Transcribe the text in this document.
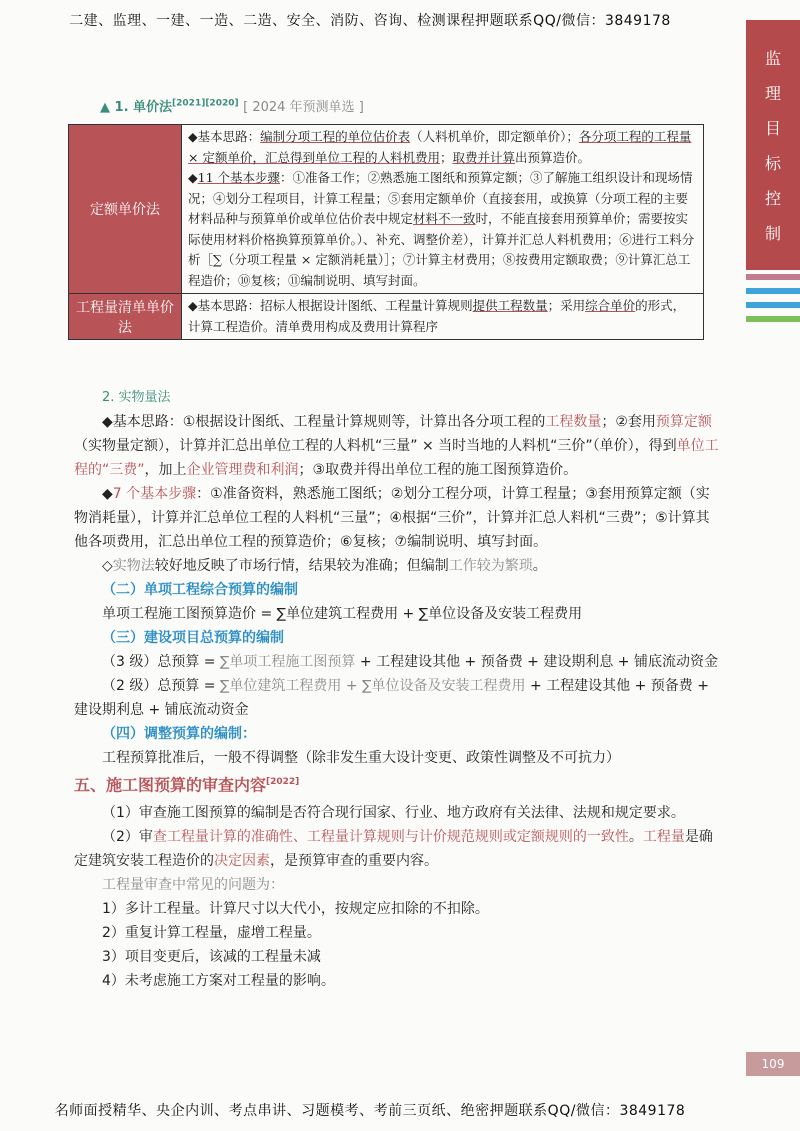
二建、监理、一建、一造、二造、安全、消防、咨询、检测课程押题联系QQ/微信：3849178
监
理
目
标
控
制
▲ 1. 单价法[2021][2020] [ 2024 年预测单选 ]
定额单价法	◆基本思路：编制分项工程的单位估价表（人料机单价，即定额单价）；各分项工程的工程量 × 定额单价，汇总得到单位工程的人料机费用；取费并计算出预算造价。
◆11 个基本步骤：①准备工作；②熟悉施工图纸和预算定额；③了解施工组织设计和现场情况；④划分工程项目，计算工程量；⑤套用定额单价（直接套用，或换算（分项工程的主要材料品种与预算单价或单位估价表中规定材料不一致时，不能直接套用预算单价；需要按实际使用材料价格换算预算单价。）、补充、调整价差），计算并汇总人料机费用；⑥进行工料分析［∑（分项工程量 × 定额消耗量）］；⑦计算主材费用；⑧按费用定额取费；⑨计算汇总工程造价；⑩复核；⑪编制说明、填写封面。
工程量清单单价法	◆基本思路：招标人根据设计图纸、工程量计算规则提供工程数量；采用综合单价的形式，计算工程造价。清单费用构成及费用计算程序

2. 实物量法

◆基本思路：①根据设计图纸、工程量计算规则等，计算出各分项工程的工程数量；②套用预算定额（实物量定额），计算并汇总出单位工程的人料机“三量” × 当时当地的人料机“三价”（单价），得到单位工程的“三费”，加上企业管理费和利润；③取费并得出单位工程的施工图预算造价。

◆7 个基本步骤：①准备资料，熟悉施工图纸；②划分工程分项，计算工程量；③套用预算定额（实物消耗量），计算并汇总单位工程的人料机“三量”；④根据“三价”，计算并汇总人料机“三费”；⑤计算其他各项费用，汇总出单位工程的预算造价；⑥复核；⑦编制说明、填写封面。

◇实物法较好地反映了市场行情，结果较为准确；但编制工作较为繁琐。

（二）单项工程综合预算的编制

单项工程施工图预算造价 = ∑单位建筑工程费用 + ∑单位设备及安装工程费用

（三）建设项目总预算的编制

（3 级）总预算 = ∑单项工程施工图预算 + 工程建设其他 + 预备费 + 建设期利息 + 铺底流动资金

（2 级）总预算 = ∑单位建筑工程费用 + ∑单位设备及安装工程费用 + 工程建设其他 + 预备费 + 建设期利息 + 铺底流动资金

（四）调整预算的编制：

工程预算批准后，一般不得调整（除非发生重大设计变更、政策性调整及不可抗力）

五、施工图预算的审查内容[2022]

（1）审查施工图预算的编制是否符合现行国家、行业、地方政府有关法律、法规和规定要求。

（2）审查工程量计算的准确性、工程量计算规则与计价规范规则或定额规则的一致性。工程量是确定建筑安装工程造价的决定因素，是预算审查的重要内容。

工程量审查中常见的问题为：

1）多计工程量。计算尺寸以大代小，按规定应扣除的不扣除。

2）重复计算工程量，虚增工程量。

3）项目变更后，该减的工程量未减

4）未考虑施工方案对工程量的影响。

109
名师面授精华、央企内训、考点串讲、习题模考、考前三页纸、绝密押题联系QQ/微信：3849178
